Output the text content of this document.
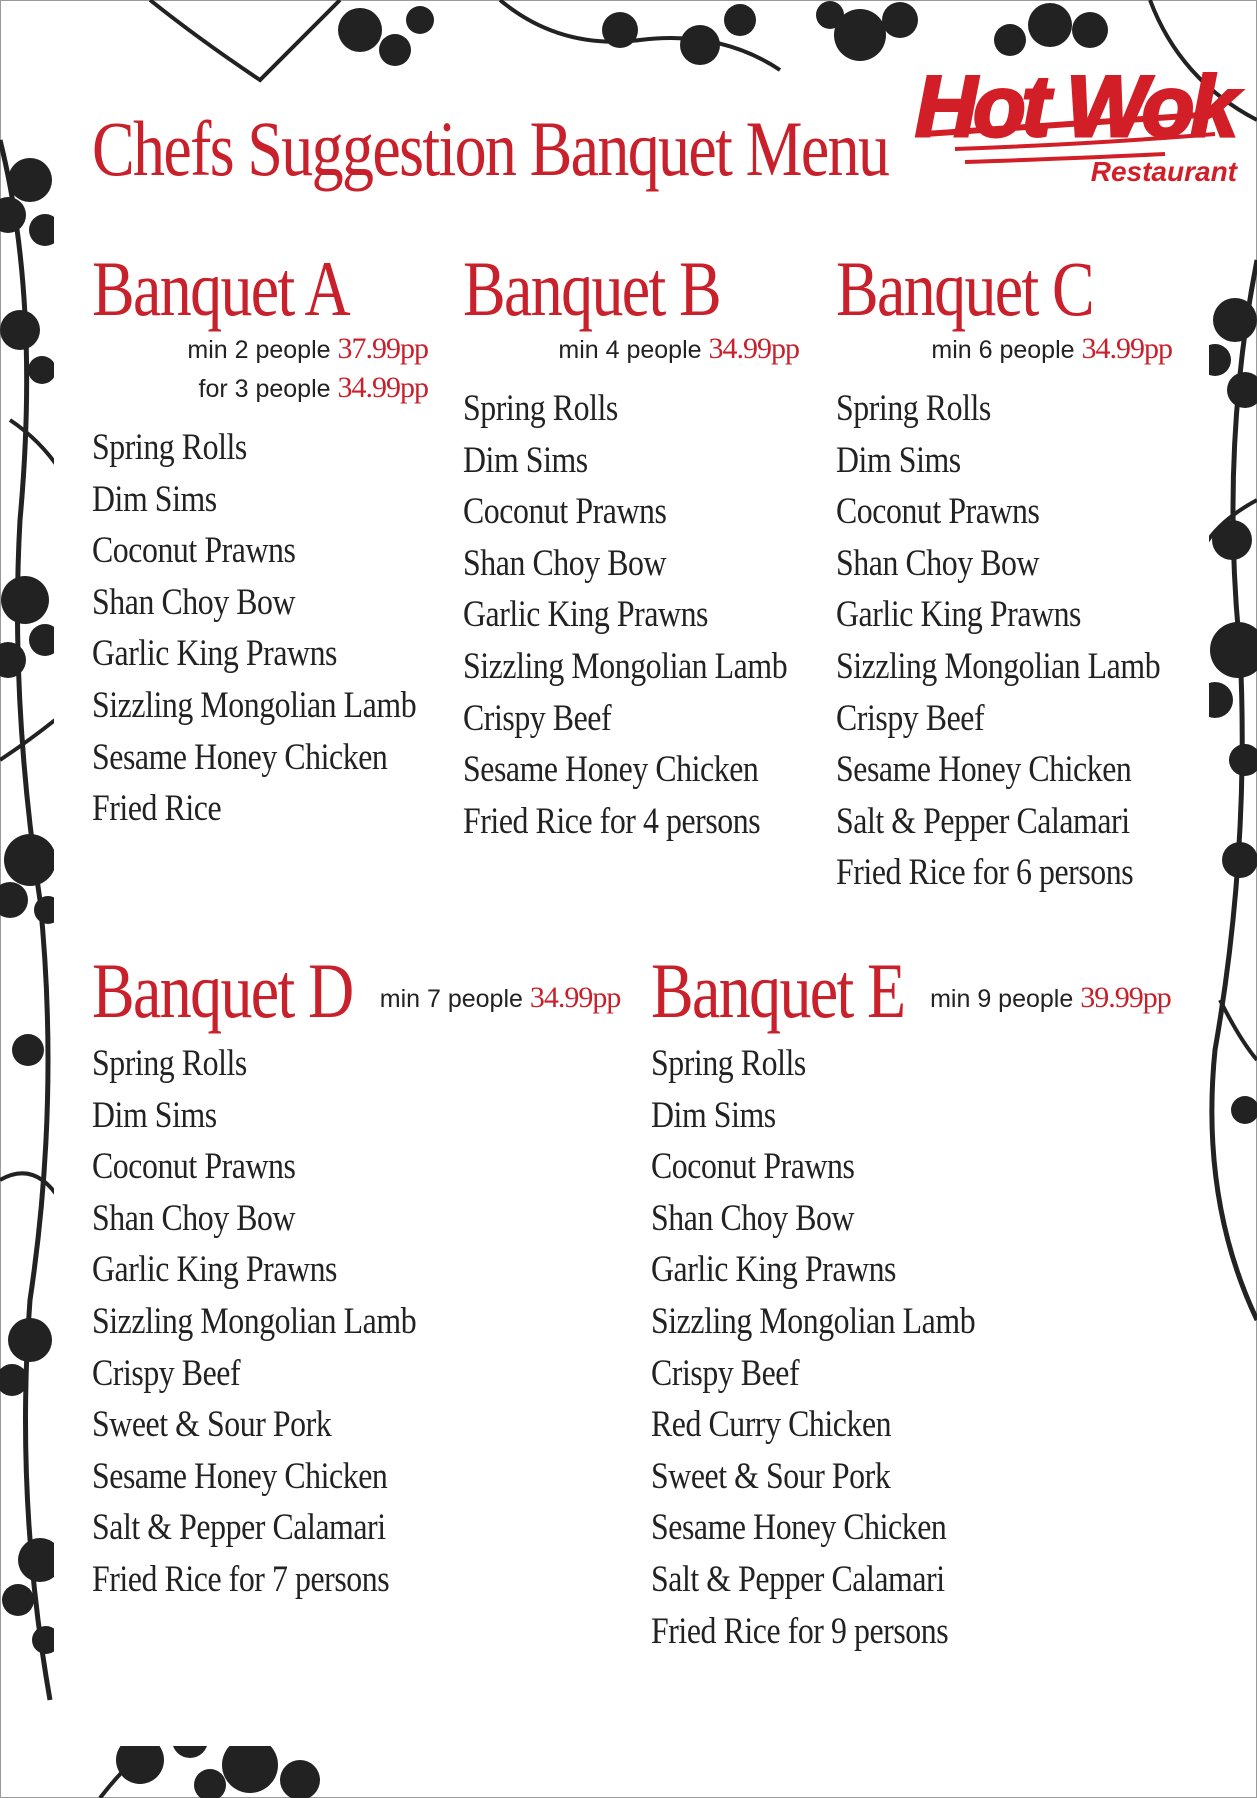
Chefs Suggestion Banquet Menu Hot Wok
Restaurant
Banquet A
min 2 people 37.99pp
for 3 people 34.99pp
Spring Rolls
Dim Sims
Coconut Prawns
Shan Choy Bow
Garlic King Prawns
Sizzling Mongolian Lamb
Sesame Honey Chicken
Fried Rice
Banquet B
min 4 people 34.99pp
Spring Rolls
Dim Sims
Coconut Prawns
Shan Choy Bow
Garlic King Prawns
Sizzling Mongolian Lamb
Crispy Beef
Sesame Honey Chicken
Fried Rice for 4 persons
Banquet C
min 6 people 34.99pp
Spring Rolls
Dim Sims
Coconut Prawns
Shan Choy Bow
Garlic King Prawns
Sizzling Mongolian Lamb
Crispy Beef
Sesame Honey Chicken
Salt & Pepper Calamari
Fried Rice for 6 persons
Banquet D min 7 people 34.99pp
Spring Rolls
Dim Sims
Coconut Prawns
Shan Choy Bow
Garlic King Prawns
Sizzling Mongolian Lamb
Crispy Beef
Sweet & Sour Pork
Sesame Honey Chicken
Salt & Pepper Calamari
Fried Rice for 7 persons
Banquet E min 9 people 39.99pp
Spring Rolls
Dim Sims
Coconut Prawns
Shan Choy Bow
Garlic King Prawns
Sizzling Mongolian Lamb
Crispy Beef
Red Curry Chicken
Sweet & Sour Pork
Sesame Honey Chicken
Salt & Pepper Calamari
Fried Rice for 9 persons
